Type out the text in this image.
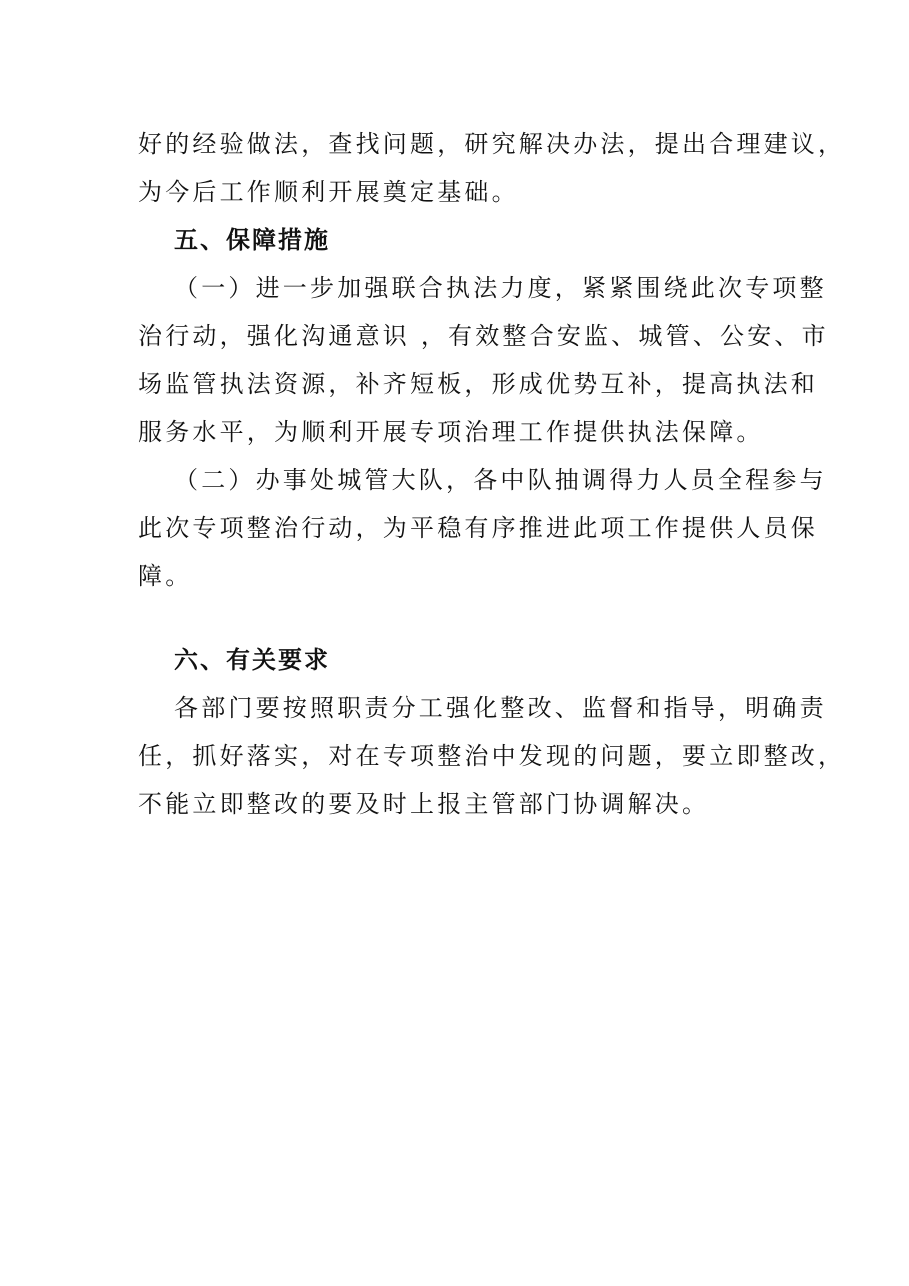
好的经验做法，查找问题，研究解决办法，提出合理建议，
为今后工作顺利开展奠定基础。
五、保障措施
（一）进一步加强联合执法力度，紧紧围绕此次专项整
治行动，强化沟通意识 ，有效整合安监、城管、公安、市
场监管执法资源，补齐短板，形成优势互补，提高执法和
服务水平，为顺利开展专项治理工作提供执法保障。
（二）办事处城管大队，各中队抽调得力人员全程参与
此次专项整治行动，为平稳有序推进此项工作提供人员保
障。
六、有关要求
各部门要按照职责分工强化整改、监督和指导，明确责
任，抓好落实，对在专项整治中发现的问题，要立即整改，
不能立即整改的要及时上报主管部门协调解决。
